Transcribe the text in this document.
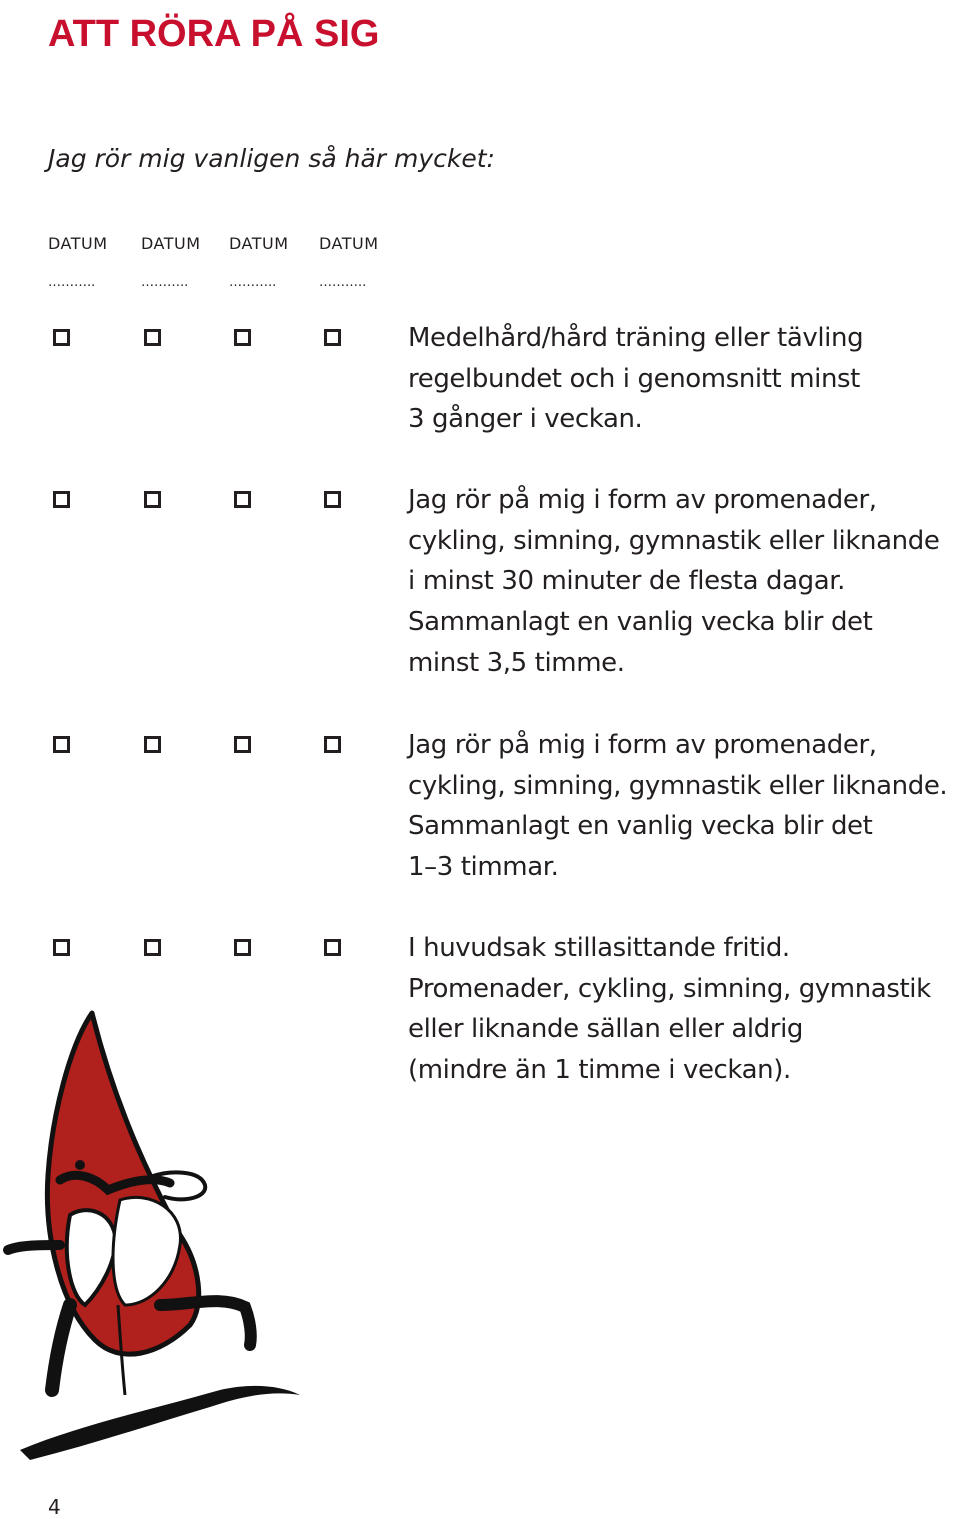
ATT RÖRA PÅ SIG

Jag rör mig vanligen så här mycket:

DATUM
………..
DATUM
………..
DATUM
………..
DATUM
………..

Medelhård/hård träning eller tävling
regelbundet och i genomsnitt minst
3 gånger i veckan.

Jag rör på mig i form av promenader,
cykling, simning, gymnastik eller liknande
i minst 30 minuter de flesta dagar.
Sammanlagt en vanlig vecka blir det
minst 3,5 timme.

Jag rör på mig i form av promenader,
cykling, simning, gymnastik eller liknande.
Sammanlagt en vanlig vecka blir det
1–3 timmar.

I huvudsak stillasittande fritid.
Promenader, cykling, simning, gymnastik
eller liknande sällan eller aldrig
(mindre än 1 timme i veckan).

4
